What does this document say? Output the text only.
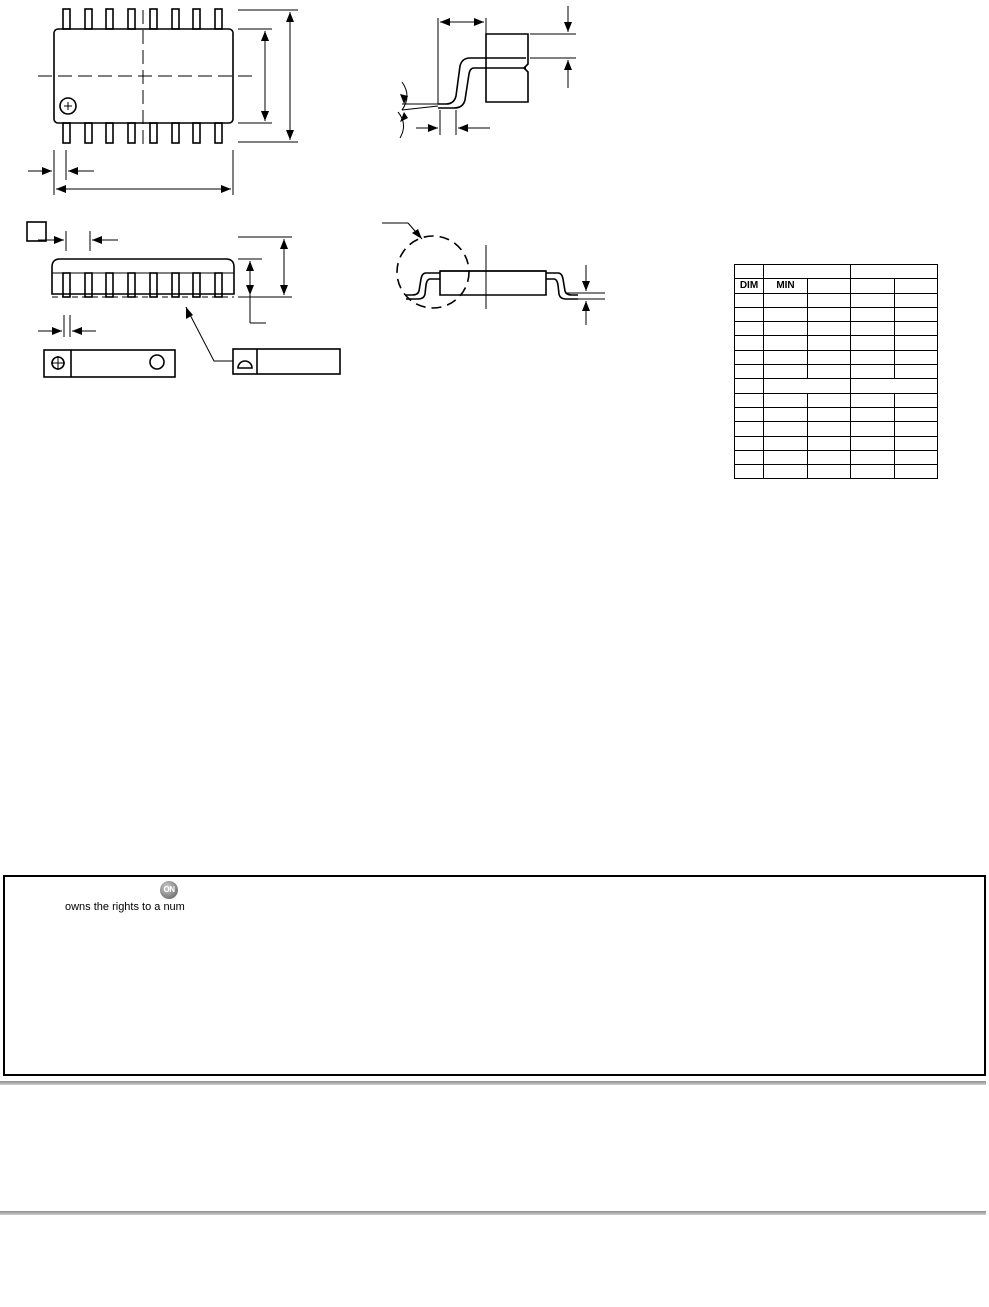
DIM	MIN			

ON
owns the rights to a num
